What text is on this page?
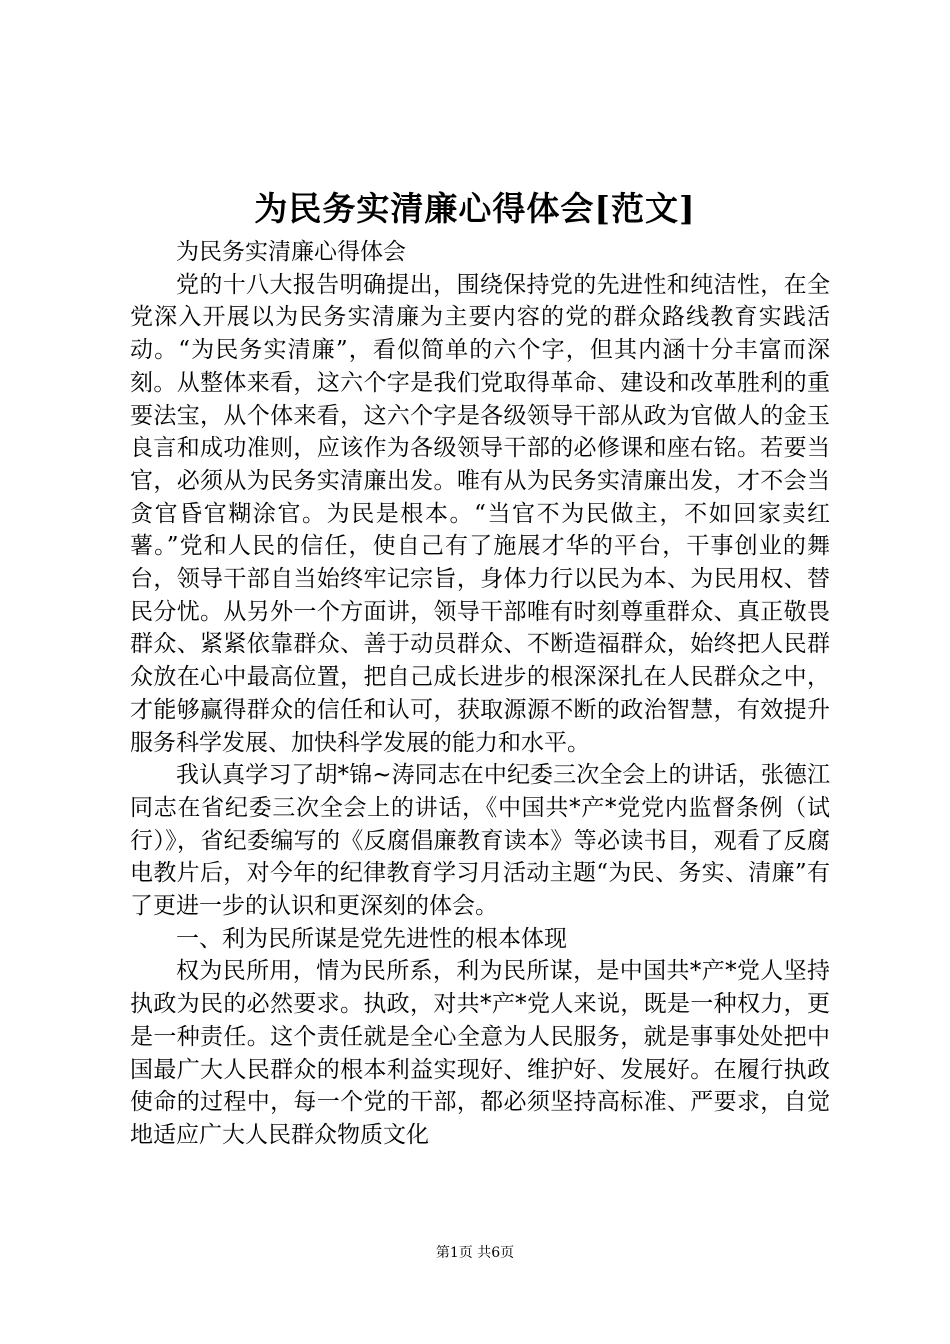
为民务实清廉心得体会[范文]

为民务实清廉心得体会

党的十八大报告明确提出，围绕保持党的先进性和纯洁性，在全党深入开展以为民务实清廉为主要内容的党的群众路线教育实践活动。“为民务实清廉”，看似简单的六个字，但其内涵十分丰富而深刻。从整体来看，这六个字是我们党取得革命、建设和改革胜利的重要法宝，从个体来看，这六个字是各级领导干部从政为官做人的金玉良言和成功准则，应该作为各级领导干部的必修课和座右铭。若要当官，必须从为民务实清廉出发。唯有从为民务实清廉出发，才不会当贪官昏官糊涂官。为民是根本。“当官不为民做主，不如回家卖红薯。”党和人民的信任，使自己有了施展才华的平台，干事创业的舞台，领导干部自当始终牢记宗旨，身体力行以民为本、为民用权、替民分忧。从另外一个方面讲，领导干部唯有时刻尊重群众、真正敬畏群众、紧紧依靠群众、善于动员群众、不断造福群众，始终把人民群众放在心中最高位置，把自己成长进步的根深深扎在人民群众之中，才能够赢得群众的信任和认可，获取源源不断的政治智慧，有效提升服务科学发展、加快科学发展的能力和水平。

我认真学习了胡*锦~涛同志在中纪委三次全会上的讲话，张德江同志在省纪委三次全会上的讲话，《中国共*产*党党内监督条例（试行）》，省纪委编写的《反腐倡廉教育读本》等必读书目，观看了反腐电教片后，对今年的纪律教育学习月活动主题“为民、务实、清廉”有了更进一步的认识和更深刻的体会。

一、利为民所谋是党先进性的根本体现

权为民所用，情为民所系，利为民所谋，是中国共*产*党人坚持执政为民的必然要求。执政，对共*产*党人来说，既是一种权力，更是一种责任。这个责任就是全心全意为人民服务，就是事事处处把中国最广大人民群众的根本利益实现好、维护好、发展好。在履行执政使命的过程中，每一个党的干部，都必须坚持高标准、严要求，自觉地适应广大人民群众物质文化

第1页 共6页
